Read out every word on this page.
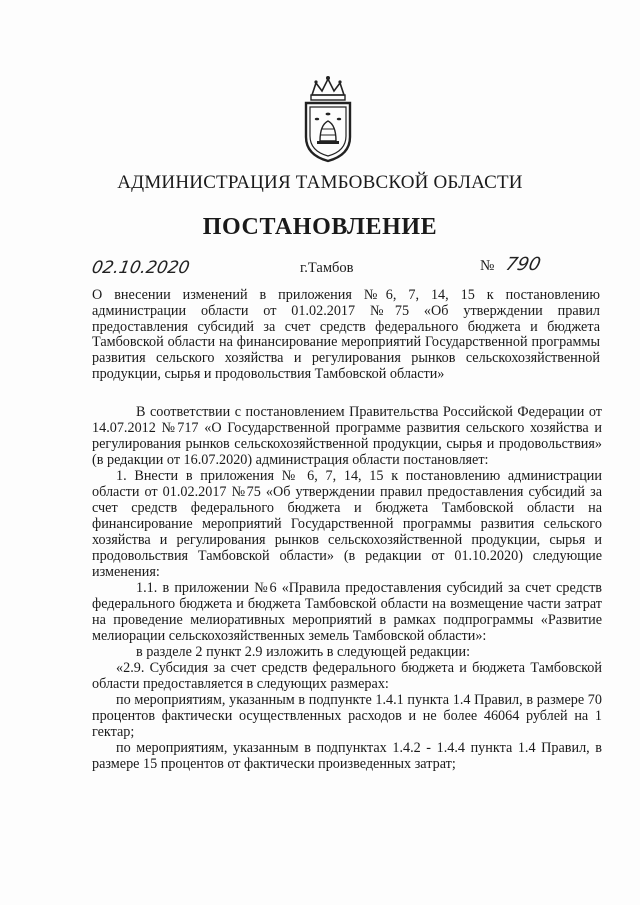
АДМИНИСТРАЦИЯ ТАМБОВСКОЙ ОБЛАСТИ
ПОСТАНОВЛЕНИЕ
02.10.2020	г.Тамбов	№ 790
О внесении изменений в приложения №6, 7, 14, 15 к постановлению администрации области от 01.02.2017 №75 «Об утверждении правил предоставления субсидий за счет средств федерального бюджета и бюджета Тамбовской области на финансирование мероприятий Государственной программы развития сельского хозяйства и регулирования рынков сельскохозяйственной продукции, сырья и продовольствия Тамбовской области»

В соответствии с постановлением Правительства Российской Федерации от 14.07.2012 №717 «О Государственной программе развития сельского хозяйства и регулирования рынков сельскохозяйственной продукции, сырья и продовольствия» (в редакции от 16.07.2020) администрация области постановляет:

1. Внести в приложения № 6, 7, 14, 15 к постановлению администрации области от 01.02.2017 №75 «Об утверждении правил предоставления субсидий за счет средств федерального бюджета и бюджета Тамбовской области на финансирование мероприятий Государственной программы развития сельского хозяйства и регулирования рынков сельскохозяйственной продукции, сырья и продовольствия Тамбовской области» (в редакции от 01.10.2020) следующие изменения:

1.1. в приложении №6 «Правила предоставления субсидий за счет средств федерального бюджета и бюджета Тамбовской области на возмещение части затрат на проведение мелиоративных мероприятий в рамках подпрограммы «Развитие мелиорации сельскохозяйственных земель Тамбовской области»:

в разделе 2 пункт 2.9 изложить в следующей редакции:

«2.9. Субсидия за счет средств федерального бюджета и бюджета Тамбовской области предоставляется в следующих размерах:

по мероприятиям, указанным в подпункте 1.4.1 пункта 1.4 Правил, в размере 70 процентов фактически осуществленных расходов и не более 46064 рублей на 1 гектар;

по мероприятиям, указанным в подпунктах 1.4.2 - 1.4.4 пункта 1.4 Правил, в размере 15 процентов от фактически произведенных затрат;
